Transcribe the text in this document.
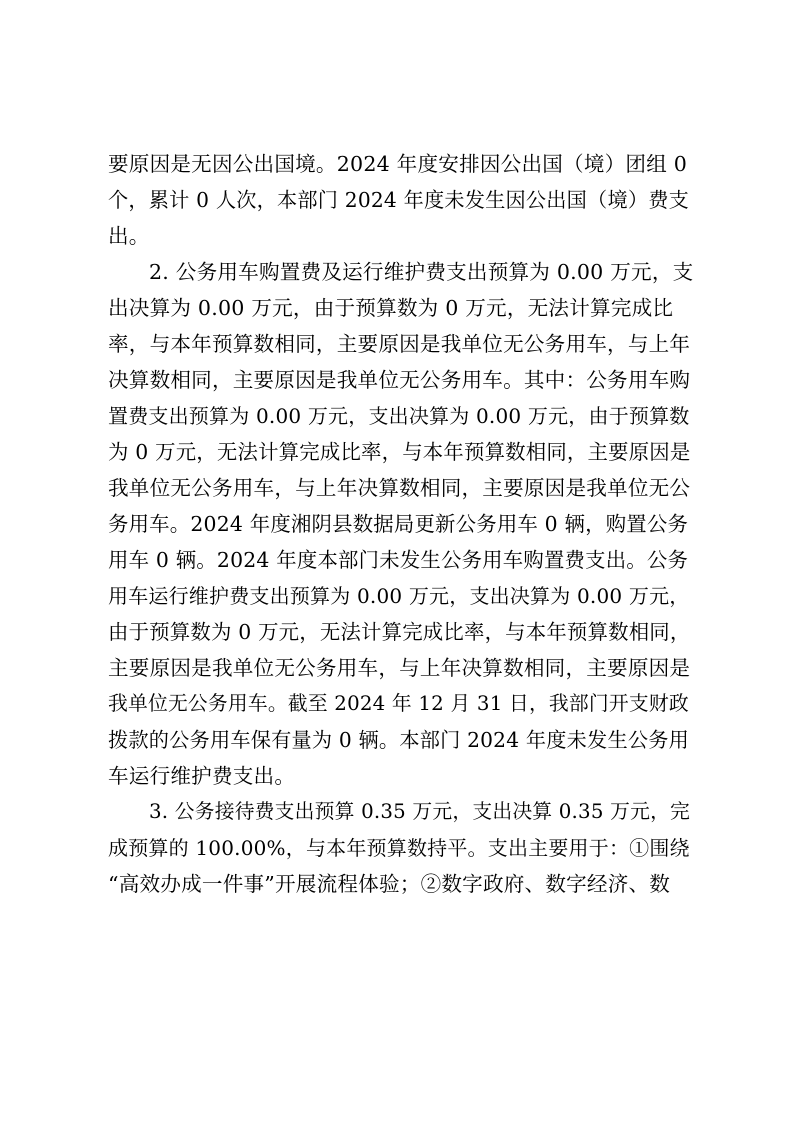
要原因是无因公出国境。2024 年度安排因公出国（境）团组 0
个，累计 0 人次，本部门 2024 年度未发生因公出国（境）费支
出。
2. 公务用车购置费及运行维护费支出预算为 0.00 万元，支
出决算为 0.00 万元，由于预算数为 0 万元，无法计算完成比
率，与本年预算数相同，主要原因是我单位无公务用车，与上年
决算数相同，主要原因是我单位无公务用车。其中：公务用车购
置费支出预算为 0.00 万元，支出决算为 0.00 万元，由于预算数
为 0 万元，无法计算完成比率，与本年预算数相同，主要原因是
我单位无公务用车，与上年决算数相同，主要原因是我单位无公
务用车。2024 年度湘阴县数据局更新公务用车 0 辆，购置公务
用车 0 辆。2024 年度本部门未发生公务用车购置费支出。公务
用车运行维护费支出预算为 0.00 万元，支出决算为 0.00 万元，
由于预算数为 0 万元，无法计算完成比率，与本年预算数相同，
主要原因是我单位无公务用车，与上年决算数相同，主要原因是
我单位无公务用车。截至 2024 年 12 月 31 日，我部门开支财政
拨款的公务用车保有量为 0 辆。本部门 2024 年度未发生公务用
车运行维护费支出。
3. 公务接待费支出预算 0.35 万元，支出决算 0.35 万元，完
成预算的 100.00%，与本年预算数持平。支出主要用于：①围绕
“高效办成一件事”开展流程体验；②数字政府、数字经济、数
